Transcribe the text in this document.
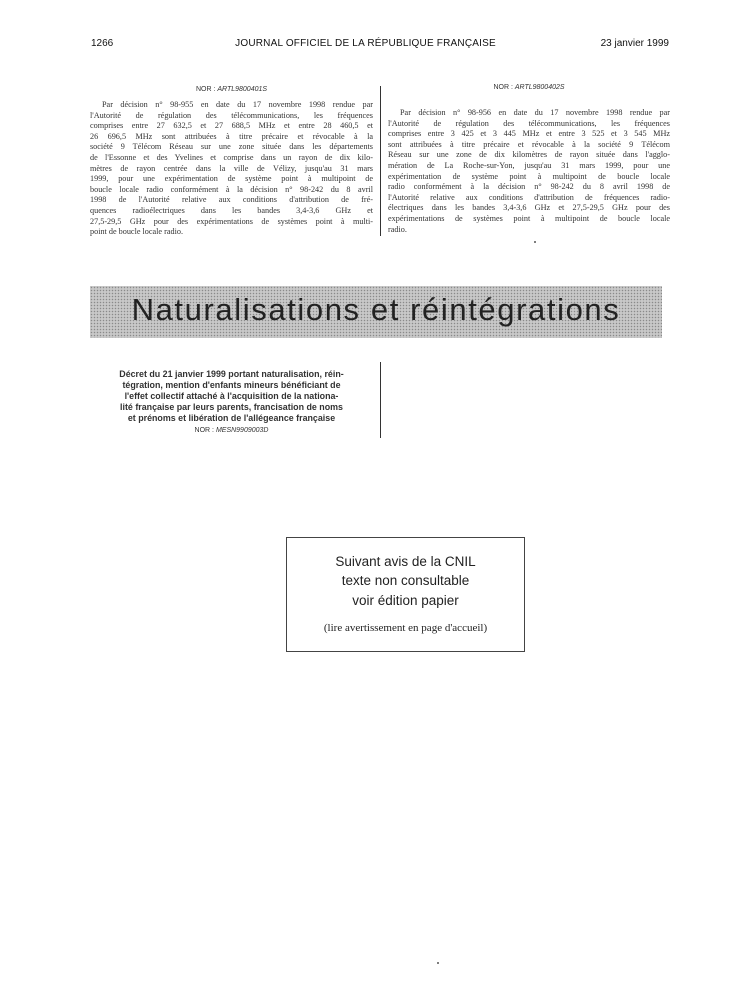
1266	JOURNAL OFFICIEL DE LA RÉPUBLIQUE FRANÇAISE	23 janvier 1999
NOR : ARTL9800401S
Par décision n° 98-955 en date du 17 novembre 1998 rendue par
l'Autorité de régulation des télécommunications, les fréquences
comprises entre 27 632,5 et 27 688,5 MHz et entre 28 460,5 et
26 696,5 MHz sont attribuées à titre précaire et révocable à la
société 9 Télécom Réseau sur une zone située dans les départements
de l'Essonne et des Yvelines et comprise dans un rayon de dix kilo-
mètres de rayon centrée dans la ville de Vélizy, jusqu'au 31 mars
1999, pour une expérimentation de système point à multipoint de
boucle locale radio conformément à la décision n° 98-242 du 8 avril
1998 de l'Autorité relative aux conditions d'attribution de fré-
quences radioélectriques dans les bandes 3,4-3,6 GHz et
27,5-29,5 GHz pour des expérimentations de systèmes point à multi-
point de boucle locale radio.
NOR : ARTL9800402S
Par décision n° 98-956 en date du 17 novembre 1998 rendue par
l'Autorité de régulation des télécommunications, les fréquences
comprises entre 3 425 et 3 445 MHz et entre 3 525 et 3 545 MHz
sont attribuées à titre précaire et révocable à la société 9 Télécom
Réseau sur une zone de dix kilomètres de rayon située dans l'agglo-
mération de La Roche-sur-Yon, jusqu'au 31 mars 1999, pour une
expérimentation de système point à multipoint de boucle locale
radio conformément à la décision n° 98-242 du 8 avril 1998 de
l'Autorité relative aux conditions d'attribution de fréquences radio-
électriques dans les bandes 3,4-3,6 GHz et 27,5-29,5 GHz pour des
expérimentations de systèmes point à multipoint de boucle locale
radio.
Naturalisations et réintégrations
Décret du 21 janvier 1999 portant naturalisation, réin-
tégration, mention d'enfants mineurs bénéficiant de
l'effet collectif attaché à l'acquisition de la nationa-
lité française par leurs parents, francisation de noms
et prénoms et libération de l'allégeance française
NOR : MESN9909003D
Suivant avis de la CNIL
texte non consultable
voir édition papier
(lire avertissement en page d'accueil)
